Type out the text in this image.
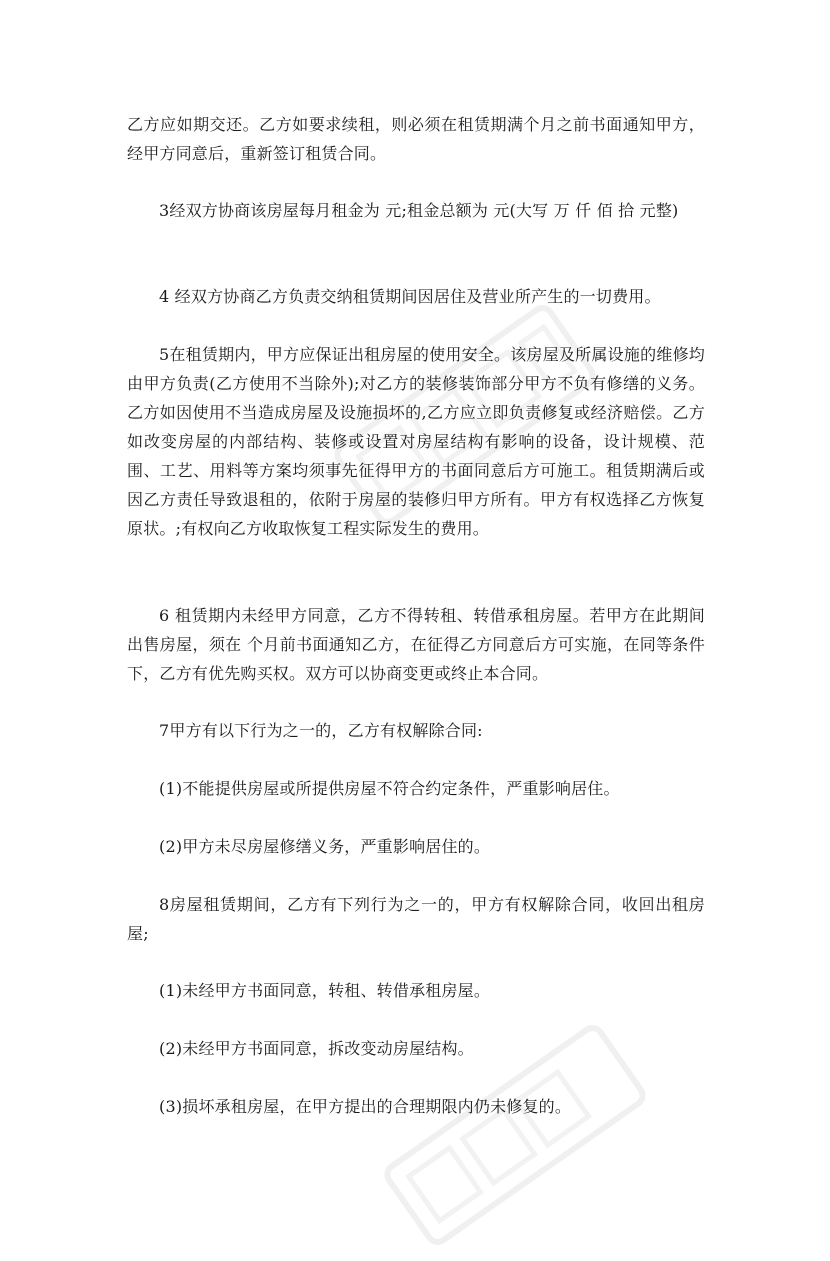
乙方应如期交还。乙方如要求续租，则必须在租赁期满个月之前书面通知甲方，经甲方同意后，重新签订租赁合同。

3经双方协商该房屋每月租金为 元;租金总额为 元(大写 万 仟 佰 拾 元整)

4 经双方协商乙方负责交纳租赁期间因居住及营业所产生的一切费用。

5在租赁期内，甲方应保证出租房屋的使用安全。该房屋及所属设施的维修均由甲方负责(乙方使用不当除外);对乙方的装修装饰部分甲方不负有修缮的义务。乙方如因使用不当造成房屋及设施损坏的,乙方应立即负责修复或经济赔偿。乙方如改变房屋的内部结构、装修或设置对房屋结构有影响的设备，设计规模、范围、工艺、用料等方案均须事先征得甲方的书面同意后方可施工。租赁期满后或因乙方责任导致退租的，依附于房屋的装修归甲方所有。甲方有权选择乙方恢复原状。;有权向乙方收取恢复工程实际发生的费用。

6 租赁期内未经甲方同意，乙方不得转租、转借承租房屋。若甲方在此期间出售房屋，须在 个月前书面通知乙方，在征得乙方同意后方可实施，在同等条件下，乙方有优先购买权。双方可以协商变更或终止本合同。

7甲方有以下行为之一的，乙方有权解除合同:

(1)不能提供房屋或所提供房屋不符合约定条件，严重影响居住。

(2)甲方未尽房屋修缮义务，严重影响居住的。

8房屋租赁期间，乙方有下列行为之一的，甲方有权解除合同，收回出租房屋;

(1)未经甲方书面同意，转租、转借承租房屋。

(2)未经甲方书面同意，拆改变动房屋结构。

(3)损坏承租房屋，在甲方提出的合理期限内仍未修复的。
